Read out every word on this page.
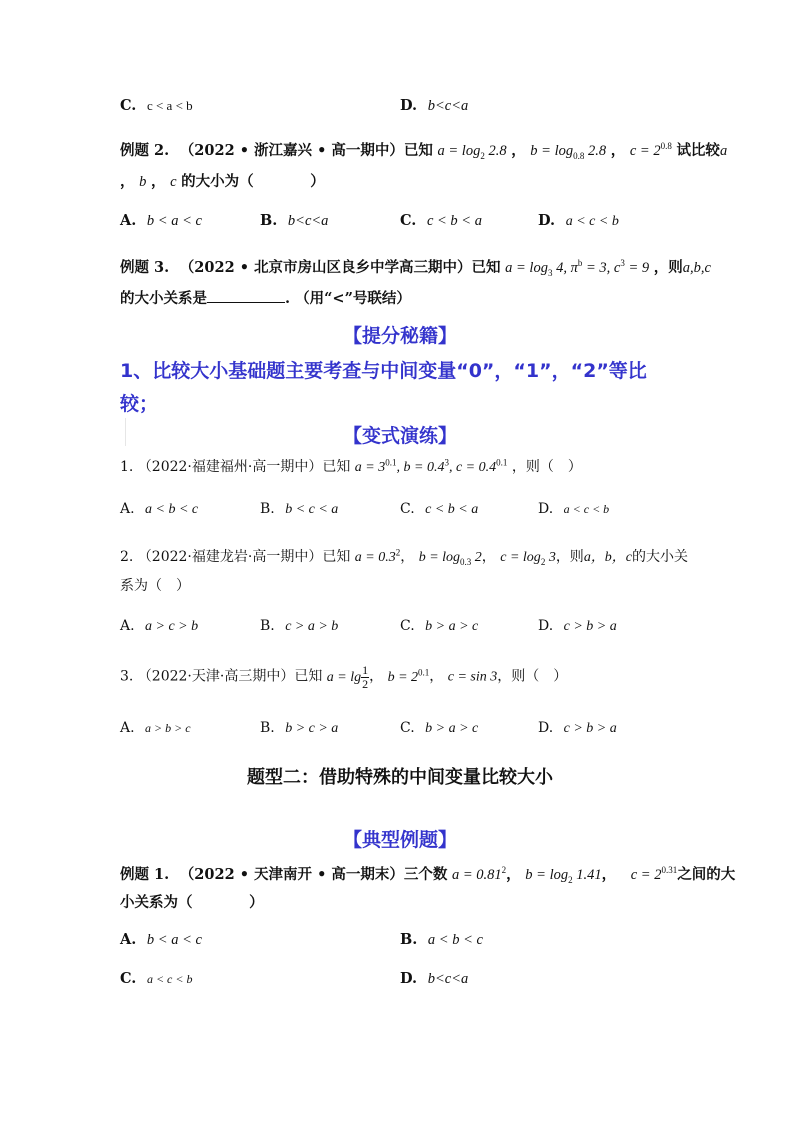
C. c < a < b	D. b<c<a
例题 2. （2022 • 浙江嘉兴 • 高一期中）已知 $a = \log_2 2.8$ ， $b = \log_{0.8} 2.8$ ， $c = 2^{0.8}$ 试比较a
， b ， c 的大小为（	）
A. b < a < c	B. b<c<a	C. c < b < a	D. a < c < b
例题 3. （2022 • 北京市房山区良乡中学高三期中）已知 $a = \log_3 4$, $\pi^b = 3$, $c^3 = 9$ ，则a,b,c
的大小关系是	. （用“<”号联结）
【提分秘籍】
1、比较大小基础题主要考查与中间变量“0”，“1”，“2”等比
较；
【变式演练】
1. （2022·福建福州·高一期中）已知 $a = 3^{0.1}$, $b = 0.4^3$, $c = 0.4^{0.1}$ ，则（　）
A. a < b < c	B. b < c < a	C. c < b < a	D. a < c < b
2. （2022·福建龙岩·高一期中）已知 $a = 0.3^2$， $b = \log_{0.3} 2$， $c = \log_2 3$，则a，b，c的大小关
系为（　）
A. a > c > b	B. c > a > b	C. b > a > c	D. c > b > a
3. （2022·天津·高三期中）已知 $a = \lg \frac{1}{2}$ ， $b = 2^{0.1}$， c = sin 3，则（　）
A. a > b > c	B. b > c > a	C. b > a > c	D. c > b > a
题型二：借助特殊的中间变量比较大小
【典型例题】
例题 1. （2022 • 天津南开 • 高一期末）三个数 $a = 0.81^2$， $b = \log_2 1.41$， $c = 2^{0.31}$之间的大
小关系为（	）
A. b < a < c	B. a < b < c
C. a < c < b	D. b<c<a
